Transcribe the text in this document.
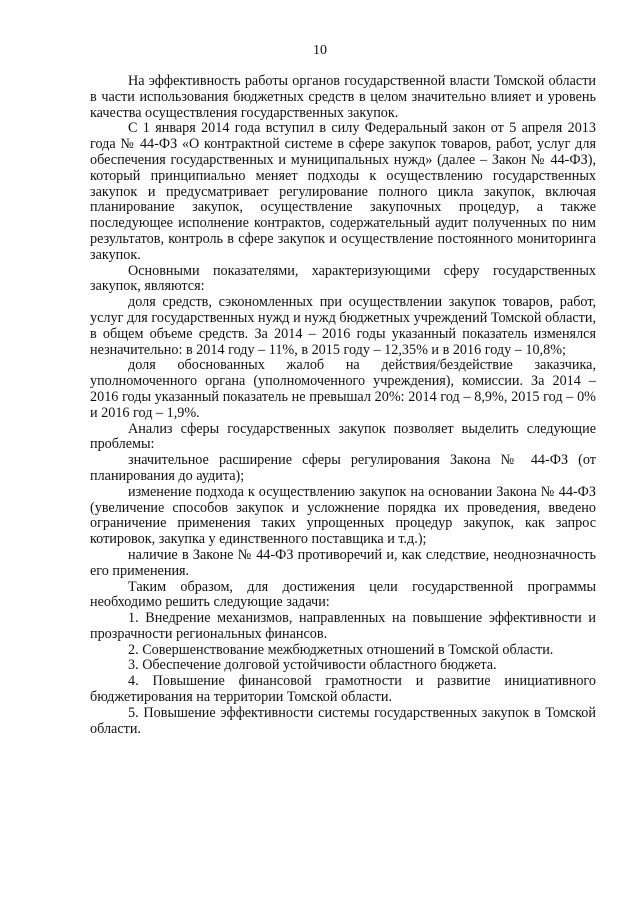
10

На эффективность работы органов государственной власти Томской области в части использования бюджетных средств в целом значительно влияет и уровень качества осуществления государственных закупок.

С 1 января 2014 года вступил в силу Федеральный закон от 5 апреля 2013 года № 44-ФЗ «О контрактной системе в сфере закупок товаров, работ, услуг для обеспечения государственных и муниципальных нужд» (далее – Закон № 44-ФЗ), который принципиально меняет подходы к осуществлению государственных закупок и предусматривает регулирование полного цикла закупок, включая планирование закупок, осуществление закупочных процедур, а также последующее исполнение контрактов, содержательный аудит полученных по ним результатов, контроль в сфере закупок и осуществление постоянного мониторинга закупок.

Основными показателями, характеризующими сферу государственных закупок, являются:

доля средств, сэкономленных при осуществлении закупок товаров, работ, услуг для государственных нужд и нужд бюджетных учреждений Томской области, в общем объеме средств. За 2014 – 2016 годы указанный показатель изменялся незначительно: в 2014 году – 11%, в 2015 году – 12,35% и в 2016 году – 10,8%;

доля обоснованных жалоб на действия/бездействие заказчика, уполномоченного органа (уполномоченного учреждения), комиссии. За 2014 – 2016 годы указанный показатель не превышал 20%: 2014 год – 8,9%, 2015 год – 0% и 2016 год – 1,9%.

Анализ сферы государственных закупок позволяет выделить следующие проблемы:

значительное расширение сферы регулирования Закона № 44-ФЗ (от планирования до аудита);

изменение подхода к осуществлению закупок на основании Закона № 44-ФЗ (увеличение способов закупок и усложнение порядка их проведения, введено ограничение применения таких упрощенных процедур закупок, как запрос котировок, закупка у единственного поставщика и т.д.);

наличие в Законе № 44-ФЗ противоречий и, как следствие, неоднозначность его применения.

Таким образом, для достижения цели государственной программы необходимо решить следующие задачи:

1. Внедрение механизмов, направленных на повышение эффективности и прозрачности региональных финансов.

2. Совершенствование межбюджетных отношений в Томской области.

3. Обеспечение долговой устойчивости областного бюджета.

4. Повышение финансовой грамотности и развитие инициативного бюджетирования на территории Томской области.

5. Повышение эффективности системы государственных закупок в Томской области.
